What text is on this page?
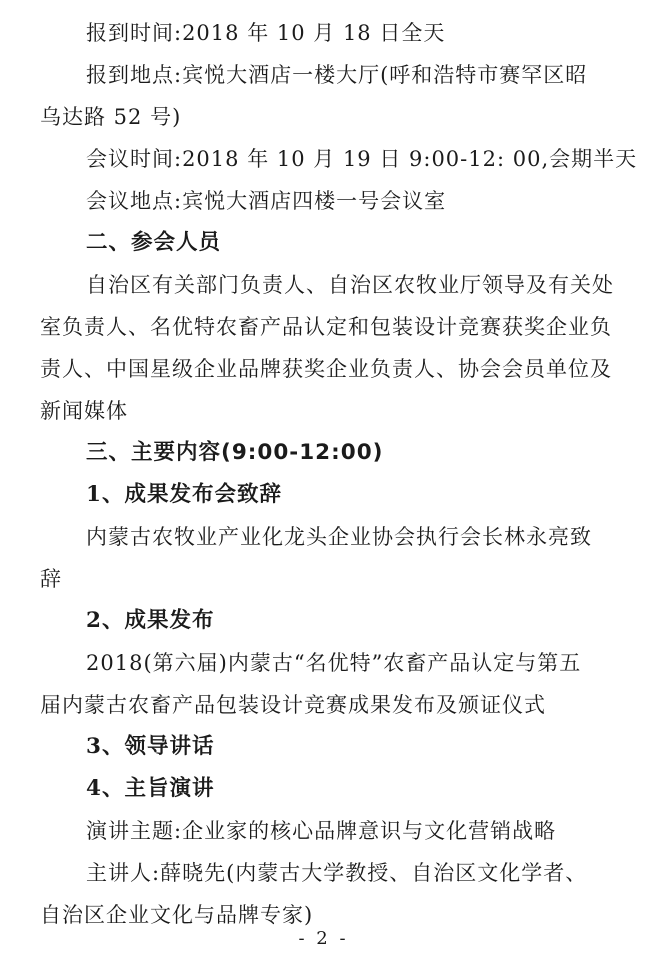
报到时间:2018 年 10 月 18 日全天
报到地点:宾悦大酒店一楼大厅(呼和浩特市赛罕区昭
乌达路 52 号)
会议时间:2018 年 10 月 19 日 9:00-12: 00,会期半天
会议地点:宾悦大酒店四楼一号会议室
二、参会人员
自治区有关部门负责人、自治区农牧业厅领导及有关处
室负责人、名优特农畜产品认定和包装设计竞赛获奖企业负
责人、中国星级企业品牌获奖企业负责人、协会会员单位及
新闻媒体
三、主要内容(9:00-12:00)
1、成果发布会致辞
内蒙古农牧业产业化龙头企业协会执行会长林永亮致
辞
2、成果发布
2018(第六届)内蒙古“名优特”农畜产品认定与第五
届内蒙古农畜产品包装设计竞赛成果发布及颁证仪式
3、领导讲话
4、主旨演讲
演讲主题:企业家的核心品牌意识与文化营销战略
主讲人:薛晓先(内蒙古大学教授、自治区文化学者、
自治区企业文化与品牌专家)
- 2 -
